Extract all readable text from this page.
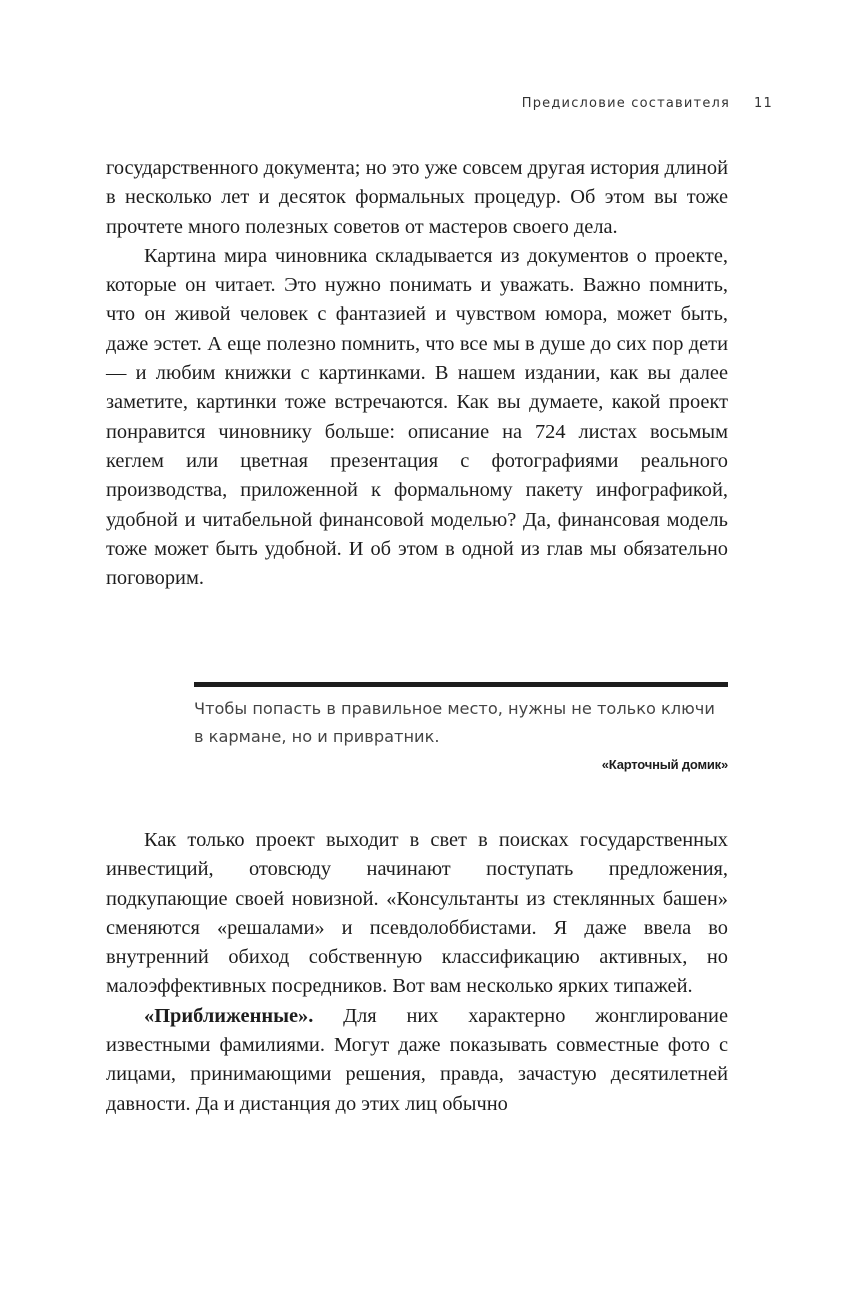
Предисловие составителя 11

государственного документа; но это уже совсем другая история длиной в несколько лет и десяток формальных процедур. Об этом вы тоже прочтете много полезных советов от мастеров своего дела.

Картина мира чиновника складывается из документов о проекте, которые он читает. Это нужно понимать и уважать. Важно помнить, что он живой человек с фантазией и чувством юмора, может быть, даже эстет. А еще полезно помнить, что все мы в душе до сих пор дети — и любим книжки с картинками. В нашем издании, как вы далее заметите, картинки тоже встречаются. Как вы думаете, какой проект понравится чиновнику больше: описание на 724 листах восьмым кеглем или цветная презентация с фотографиями реального производства, приложенной к формальному пакету инфографикой, удобной и читабельной финансовой моделью? Да, финансовая модель тоже может быть удобной. И об этом в одной из глав мы обязательно поговорим.

Чтобы попасть в правильное место, нужны не только ключи в кармане, но и привратник.

«Карточный домик»

Как только проект выходит в свет в поисках государственных инвестиций, отовсюду начинают поступать предложения, подкупающие своей новизной. «Консультанты из стеклянных башен» сменяются «решалами» и псевдолоббистами. Я даже ввела во внутренний обиход собственную классификацию активных, но малоэффективных посредников. Вот вам несколько ярких типажей.

«Приближенные». Для них характерно жонглирование известными фамилиями. Могут даже показывать совместные фото с лицами, принимающими решения, правда, зачастую десятилетней давности. Да и дистанция до этих лиц обычно
